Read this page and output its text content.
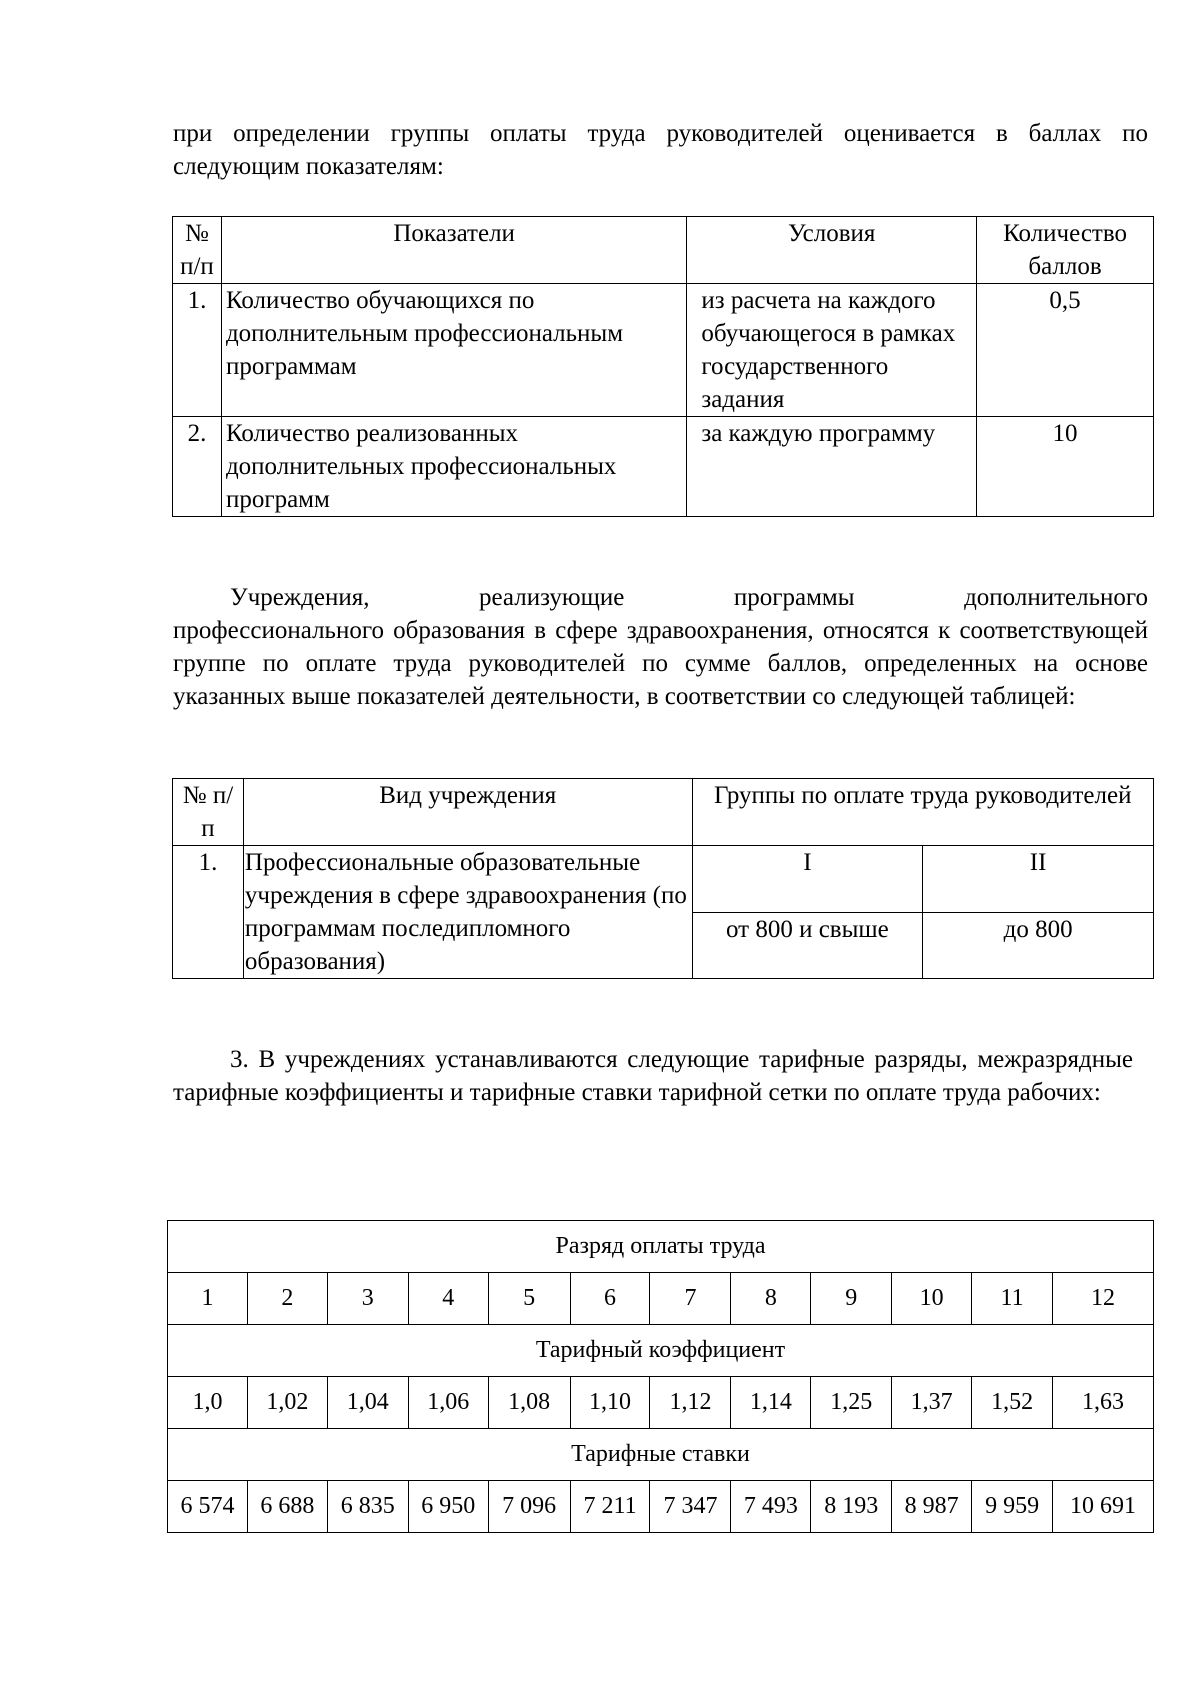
при определении группы оплаты труда руководителей оценивается в баллах по
следующим показателям:
№ п/п	Показатели	Условия	Количество баллов
1.	Количество обучающихся по дополнительным профессиональным программам	из расчета на каждого обучающегося в рамках государственного задания	0,5
2.	Количество реализованных дополнительных профессиональных программ	за каждую программу	10
Учреждения, реализующие программы дополнительного
профессионального образования в сфере здравоохранения, относятся к соответствующей группе по оплате труда руководителей по сумме баллов, определенных на основе указанных выше показателей деятельности, в соответствии со следующей таблицей:
№ п/п	Вид учреждения	Группы по оплате труда руководителей	
1.	Профессиональные образовательные учреждения в сфере здравоохранения (по программам последипломного образования)	I	II
		от 800 и свыше	до 800
3. В учреждениях устанавливаются следующие тарифные разряды, межразрядные тарифные коэффициенты и тарифные ставки тарифной сетки по оплате труда рабочих:
Разряд оплаты труда											
1	2	3	4	5	6	7	8	9	10	11	12
Тарифный коэффициент											
1,0	1,02	1,04	1,06	1,08	1,10	1,12	1,14	1,25	1,37	1,52	1,63
Тарифные ставки											
6 574	6 688	6 835	6 950	7 096	7 211	7 347	7 493	8 193	8 987	9 959	10 691
